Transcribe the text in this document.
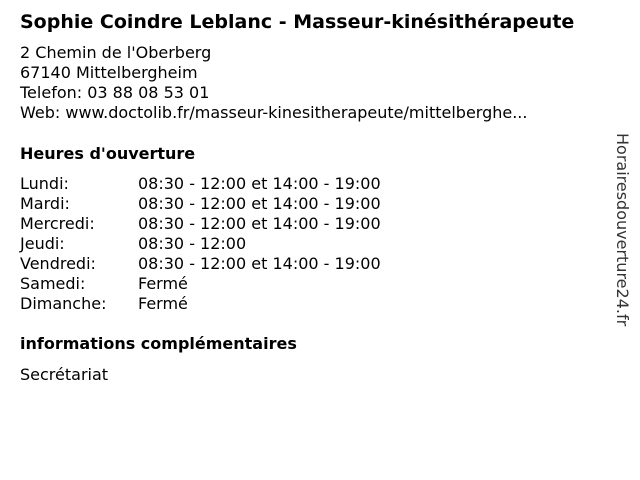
Sophie Coindre Leblanc - Masseur-kinésithérapeute
2 Chemin de l'Oberberg
67140 Mittelbergheim
Telefon: 03 88 08 53 01
Web: www.doctolib.fr/masseur-kinesitherapeute/mittelberghe...
Heures d'ouverture
Lundi:	08:30 - 12:00 et 14:00 - 19:00
Mardi:	08:30 - 12:00 et 14:00 - 19:00
Mercredi:	08:30 - 12:00 et 14:00 - 19:00
Jeudi:	08:30 - 12:00
Vendredi:	08:30 - 12:00 et 14:00 - 19:00
Samedi:	Fermé
Dimanche:	Fermé
informations complémentaires
Secrétariat
Horairesdouverture24.fr
